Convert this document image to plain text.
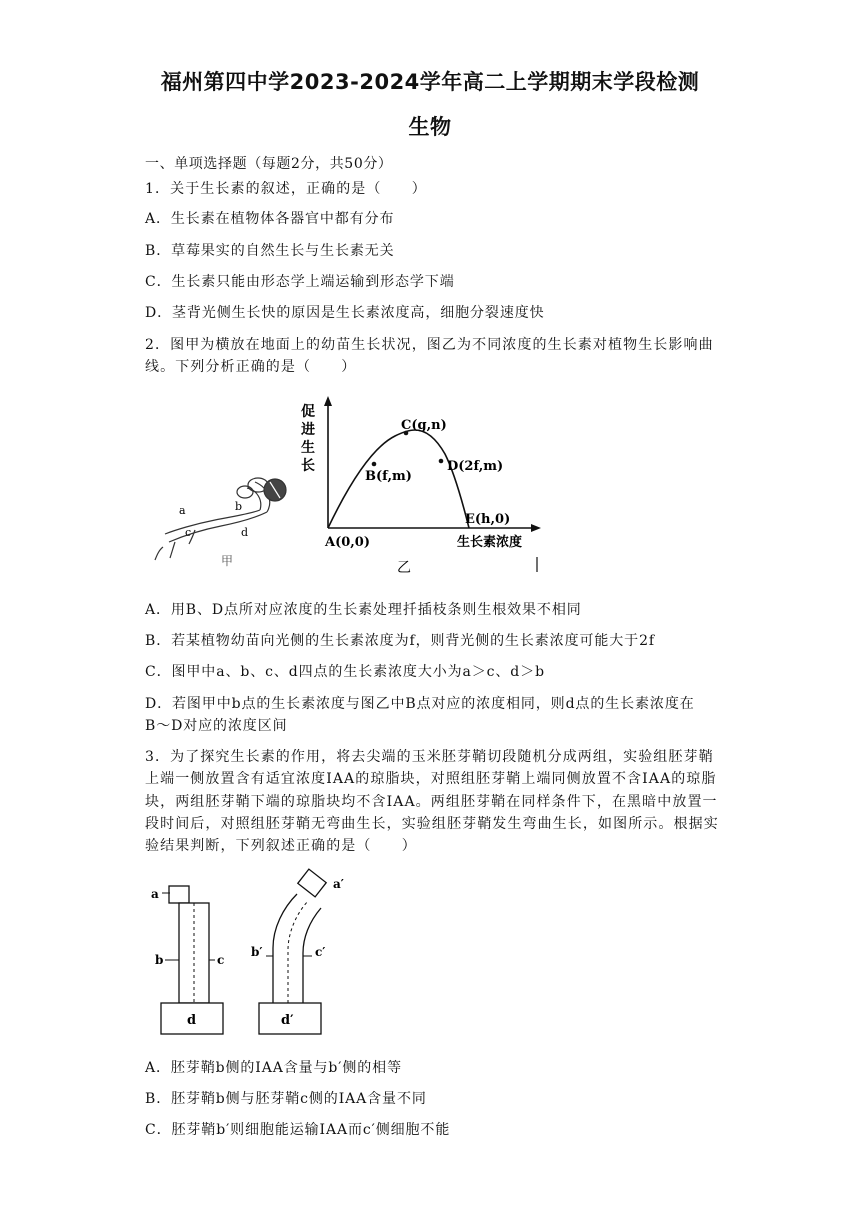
福州第四中学2023-2024学年高二上学期期末学段检测
生物
一、单项选择题（每题2分，共50分）
1．关于生长素的叙述，正确的是（　　）
A．生长素在植物体各器官中都有分布
B．草莓果实的自然生长与生长素无关
C．生长素只能由形态学上端运输到形态学下端
D．茎背光侧生长快的原因是生长素浓度高，细胞分裂速度快
2．图甲为横放在地面上的幼苗生长状况，图乙为不同浓度的生长素对植物生长影响曲
线。下列分析正确的是（　　）
a	b
c	d
甲
促
进
生
长
A(0,0)
B(f,m)
C(g,n)
D(2f,m)
E(h,0)
生长素浓度
乙
A．用B、D点所对应浓度的生长素处理扦插枝条则生根效果不相同
B．若某植物幼苗向光侧的生长素浓度为f，则背光侧的生长素浓度可能大于2f
C．图甲中a、b、c、d四点的生长素浓度大小为a＞c、d＞b
D．若图甲中b点的生长素浓度与图乙中B点对应的浓度相同，则d点的生长素浓度在
B～D对应的浓度区间
3．为了探究生长素的作用，将去尖端的玉米胚芽鞘切段随机分成两组，实验组胚芽鞘
上端一侧放置含有适宜浓度IAA的琼脂块，对照组胚芽鞘上端同侧放置不含IAA的琼脂
块，两组胚芽鞘下端的琼脂块均不含IAA。两组胚芽鞘在同样条件下，在黑暗中放置一
段时间后，对照组胚芽鞘无弯曲生长，实验组胚芽鞘发生弯曲生长，如图所示。根据实
验结果判断，下列叙述正确的是（　　）
a
b	c
d
a′
b′	c′
d′
A．胚芽鞘b侧的IAA含量与b′侧的相等
B．胚芽鞘b侧与胚芽鞘c侧的IAA含量不同
C．胚芽鞘b′则细胞能运输IAA而c′侧细胞不能
